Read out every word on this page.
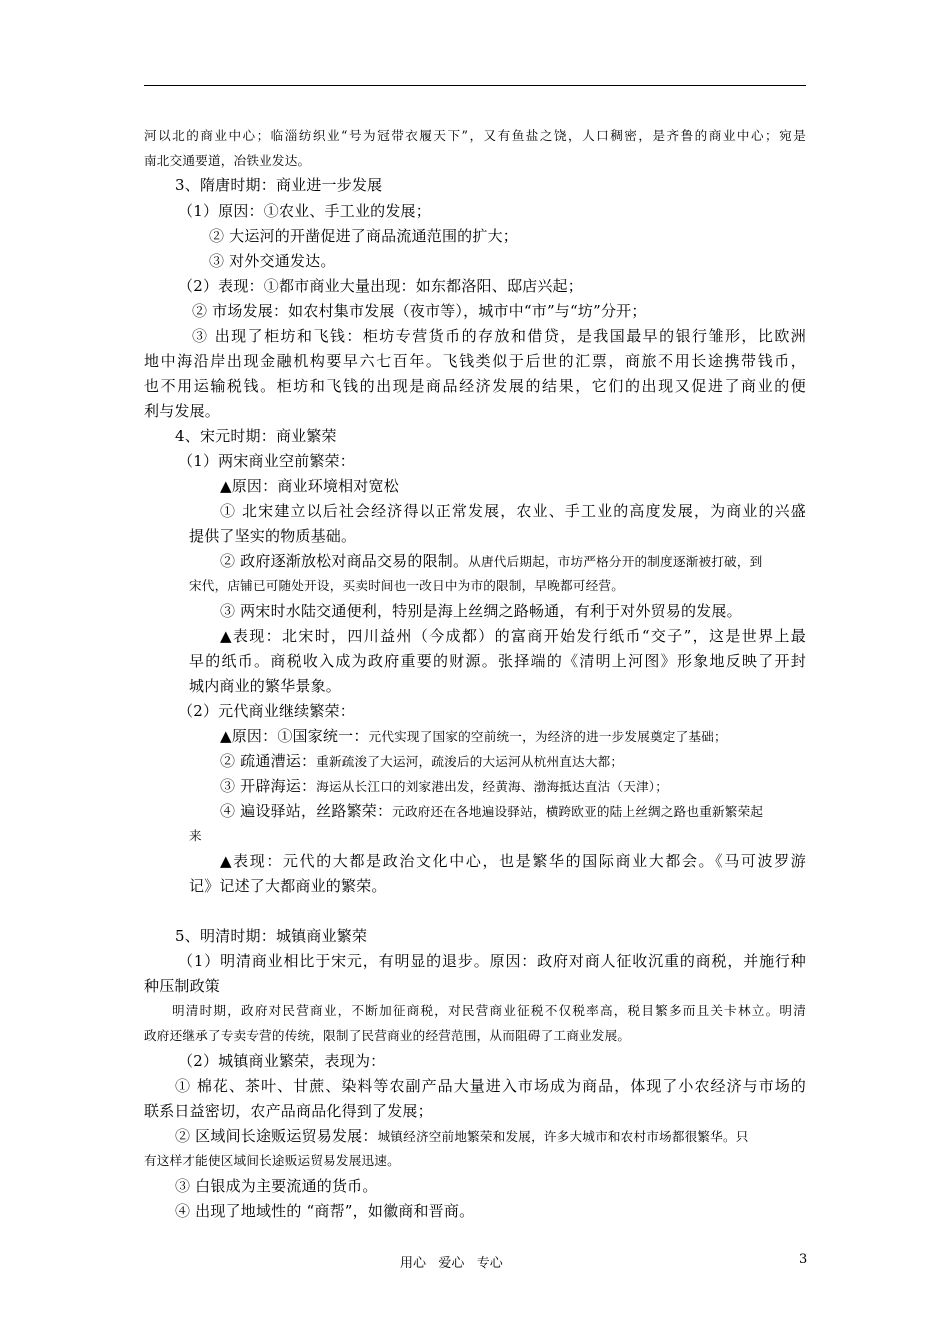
河以北的商业中心；临淄纺织业“号为冠带衣履天下”，又有鱼盐之饶，人口稠密，是齐鲁的商业中心；宛是
南北交通要道，冶铁业发达。
3、隋唐时期：商业进一步发展
（1）原因：①农业、手工业的发展；
② 大运河的开凿促进了商品流通范围的扩大；
③ 对外交通发达。
（2）表现：①都市商业大量出现：如东都洛阳、邸店兴起；
② 市场发展：如农村集市发展（夜市等），城市中“市”与“坊”分开；
③ 出现了柜坊和飞钱：柜坊专营货币的存放和借贷，是我国最早的银行雏形，比欧洲
地中海沿岸出现金融机构要早六七百年。飞钱类似于后世的汇票，商旅不用长途携带钱币，
也不用运输税钱。柜坊和飞钱的出现是商品经济发展的结果，它们的出现又促进了商业的便
利与发展。
4、宋元时期：商业繁荣
（1）两宋商业空前繁荣：
▲原因：商业环境相对宽松
① 北宋建立以后社会经济得以正常发展，农业、手工业的高度发展，为商业的兴盛
提供了坚实的物质基础。
② 政府逐渐放松对商品交易的限制。从唐代后期起，市坊严格分开的制度逐渐被打破，到
宋代，店铺已可随处开设，买卖时间也一改日中为市的限制，早晚都可经营。
③ 两宋时水陆交通便利，特别是海上丝绸之路畅通，有利于对外贸易的发展。
▲表现：北宋时，四川益州（今成都）的富商开始发行纸币“交子”，这是世界上最
早的纸币。商税收入成为政府重要的财源。张择端的《清明上河图》形象地反映了开封
城内商业的繁华景象。
（2）元代商业继续繁荣：
▲原因：①国家统一：元代实现了国家的空前统一，为经济的进一步发展奠定了基础；
② 疏通漕运：重新疏浚了大运河，疏浚后的大运河从杭州直达大都；
③ 开辟海运：海运从长江口的刘家港出发，经黄海、渤海抵达直沽（天津）；
④ 遍设驿站，丝路繁荣：元政府还在各地遍设驿站，横跨欧亚的陆上丝绸之路也重新繁荣起
来
▲表现：元代的大都是政治文化中心，也是繁华的国际商业大都会。《马可波罗游
记》记述了大都商业的繁荣。
5、明清时期：城镇商业繁荣
（1）明清商业相比于宋元，有明显的退步。原因：政府对商人征收沉重的商税，并施行种
种压制政策
明清时期，政府对民营商业，不断加征商税，对民营商业征税不仅税率高，税目繁多而且关卡林立。明清
政府还继承了专卖专营的传统，限制了民营商业的经营范围，从而阻碍了工商业发展。
（2）城镇商业繁荣，表现为：
① 棉花、茶叶、甘蔗、染料等农副产品大量进入市场成为商品，体现了小农经济与市场的
联系日益密切，农产品商品化得到了发展；
② 区域间长途贩运贸易发展：城镇经济空前地繁荣和发展，许多大城市和农村市场都很繁华。只
有这样才能使区域间长途贩运贸易发展迅速。
③ 白银成为主要流通的货币。
④ 出现了地域性的 “商帮”，如徽商和晋商。
用心   爱心   专心	3
